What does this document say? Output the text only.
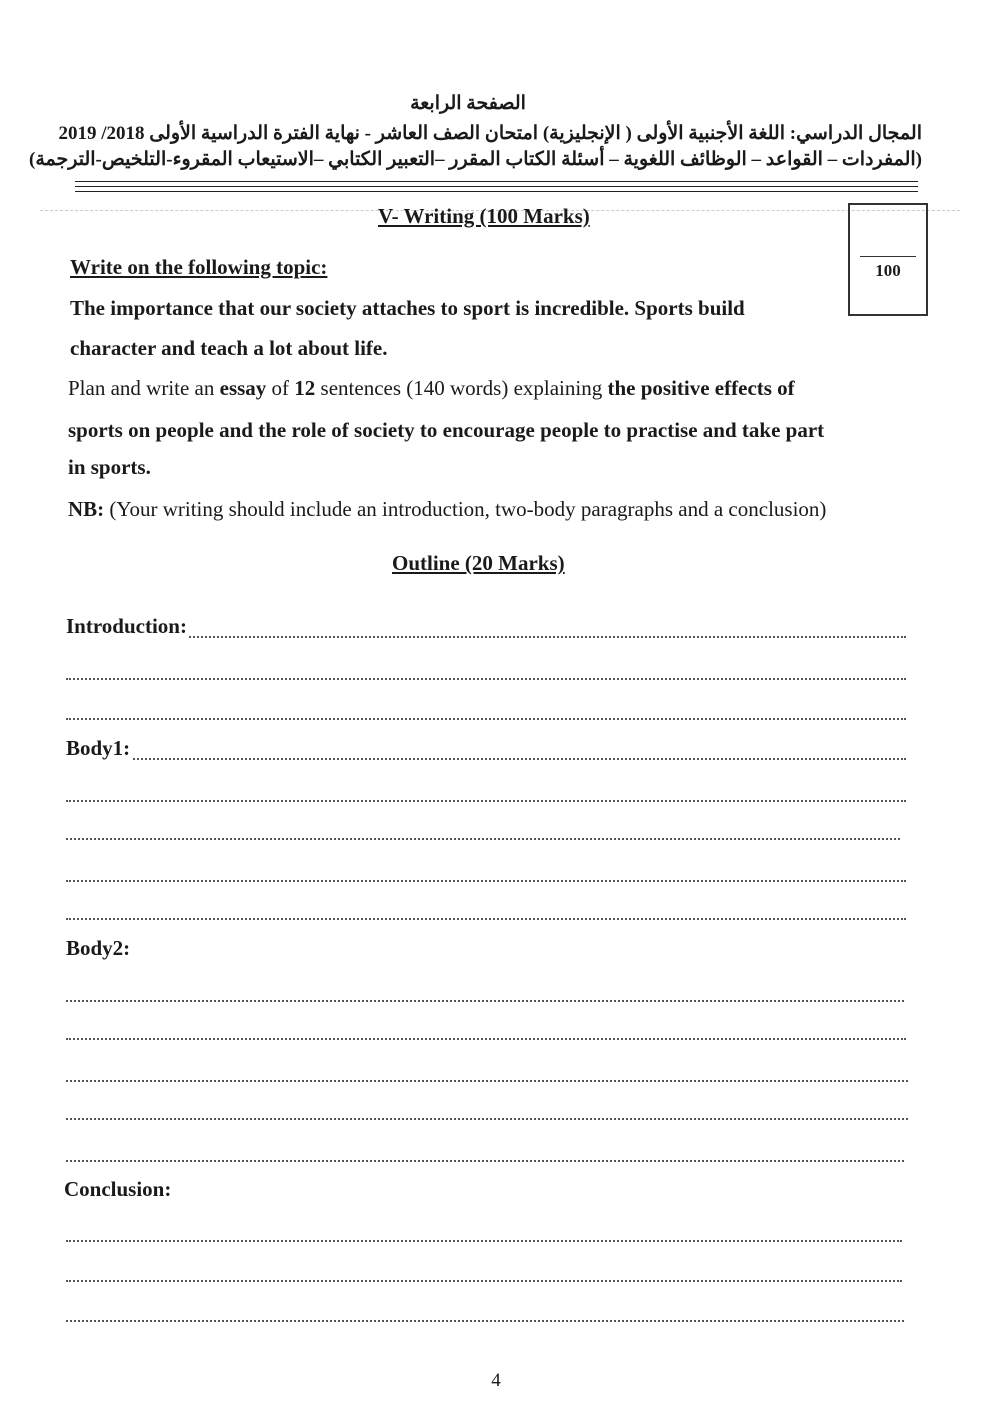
الصفحة الرابعة
المجال الدراسي: اللغة الأجنبية الأولى ( الإنجليزية) امتحان الصف العاشر - نهاية الفترة الدراسية الأولى 2018/ 2019
(المفردات – القواعد – الوظائف اللغوية – أسئلة الكتاب المقرر –التعبير الكتابي –الاستيعاب المقروء-التلخيص-الترجمة)
V- Writing (100 Marks)
100
Write on the following topic:
The importance that our society attaches to sport is incredible. Sports build
character and teach a lot about life.
Plan and write an essay of 12 sentences (140 words) explaining the positive effects of
sports on people and the role of society to encourage people to practise and take part
in sports.
NB: (Your writing should include an introduction, two-body paragraphs and a conclusion)
Outline (20 Marks)
Introduction:
Body1:
Body2:
Conclusion:
4
